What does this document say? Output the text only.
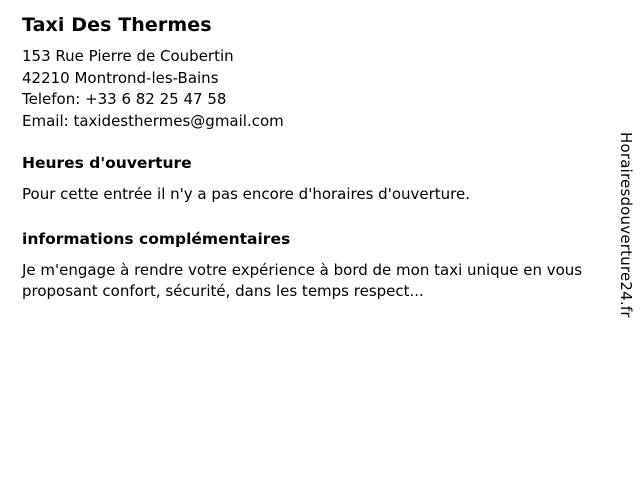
Taxi Des Thermes
153 Rue Pierre de Coubertin
42210 Montrond-les-Bains
Telefon: +33 6 82 25 47 58
Email: taxidesthermes@gmail.com
Heures d'ouverture

Pour cette entrée il n'y a pas encore d'horaires d'ouverture.

informations complémentaires

Je m'engage à rendre votre expérience à bord de mon taxi unique en vous proposant confort, sécurité, dans les temps respect...	Horairesdouverture24.fr
